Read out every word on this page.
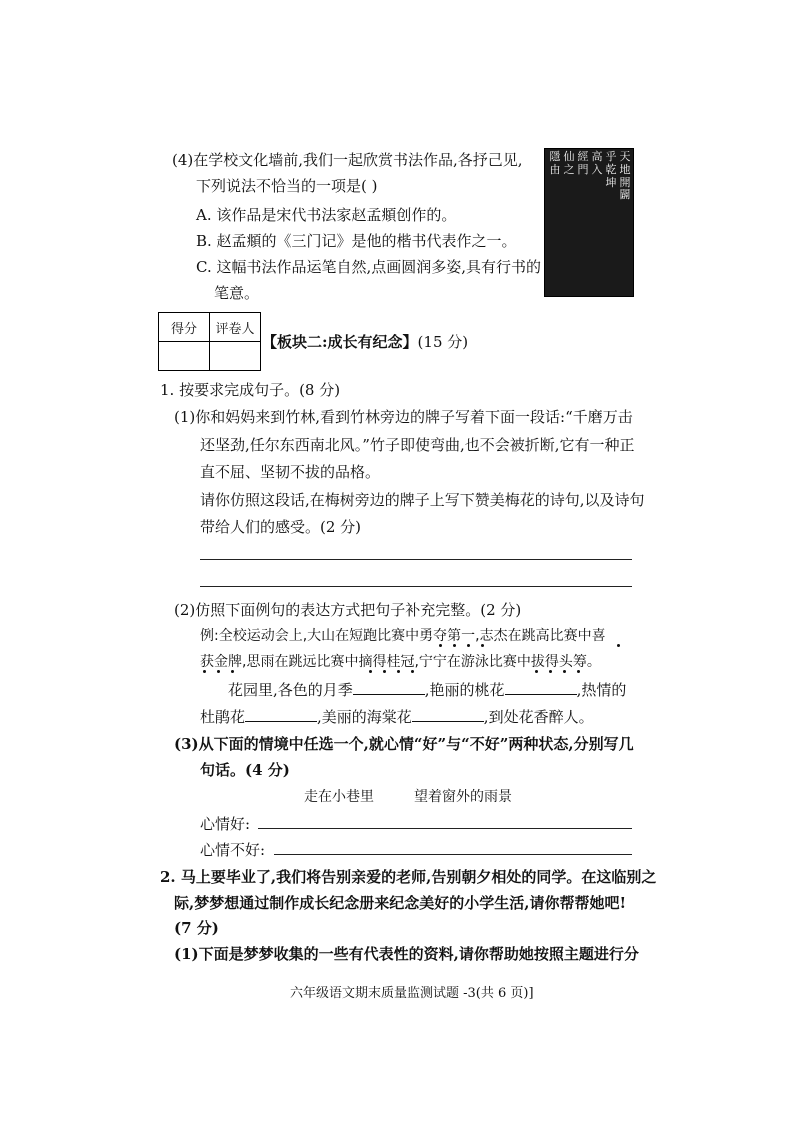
(4)在学校文化墙前,我们一起欣赏书法作品,各抒己见,
下列说法不恰当的一项是( )
A. 该作品是宋代书法家赵孟頫创作的。
B. 赵孟頫的《三门记》是他的楷书代表作之一。
C. 这幅书法作品运笔自然,点画圆润多姿,具有行书的
笔意。
天地開闢
乎乾坤
高入
經門
仙之
隱由
得分	评卷人

【板块二:成长有纪念】(15 分)
1. 按要求完成句子。(8 分)
(1)你和妈妈来到竹林,看到竹林旁边的牌子写着下面一段话:“千磨万击
还坚劲,任尔东西南北风。”竹子即使弯曲,也不会被折断,它有一种正
直不屈、坚韧不拔的品格。
请你仿照这段话,在梅树旁边的牌子上写下赞美梅花的诗句,以及诗句
带给人们的感受。(2 分)
(2)仿照下面例句的表达方式把句子补充完整。(2 分)
例:全校运动会上,大山在短跑比赛中勇夺第一,志杰在跳高比赛中喜
获金牌,思雨在跳远比赛中摘得桂冠,宁宁在游泳比赛中拔得头筹。
花园里,各色的月季	,艳丽的桃花	,热情的
杜鹃花	,美丽的海棠花	,到处花香醉人。
(3)从下面的情境中任选一个,就心情“好”与“不好”两种状态,分别写几
句话。(4 分)
走在小巷里	望着窗外的雨景
心情好:
心情不好:
2. 马上要毕业了,我们将告别亲爱的老师,告别朝夕相处的同学。在这临别之
际,梦梦想通过制作成长纪念册来纪念美好的小学生活,请你帮帮她吧!
(7 分)
(1)下面是梦梦收集的一些有代表性的资料,请你帮助她按照主题进行分
六年级语文期末质量监测试题 -3(共 6 页)]
